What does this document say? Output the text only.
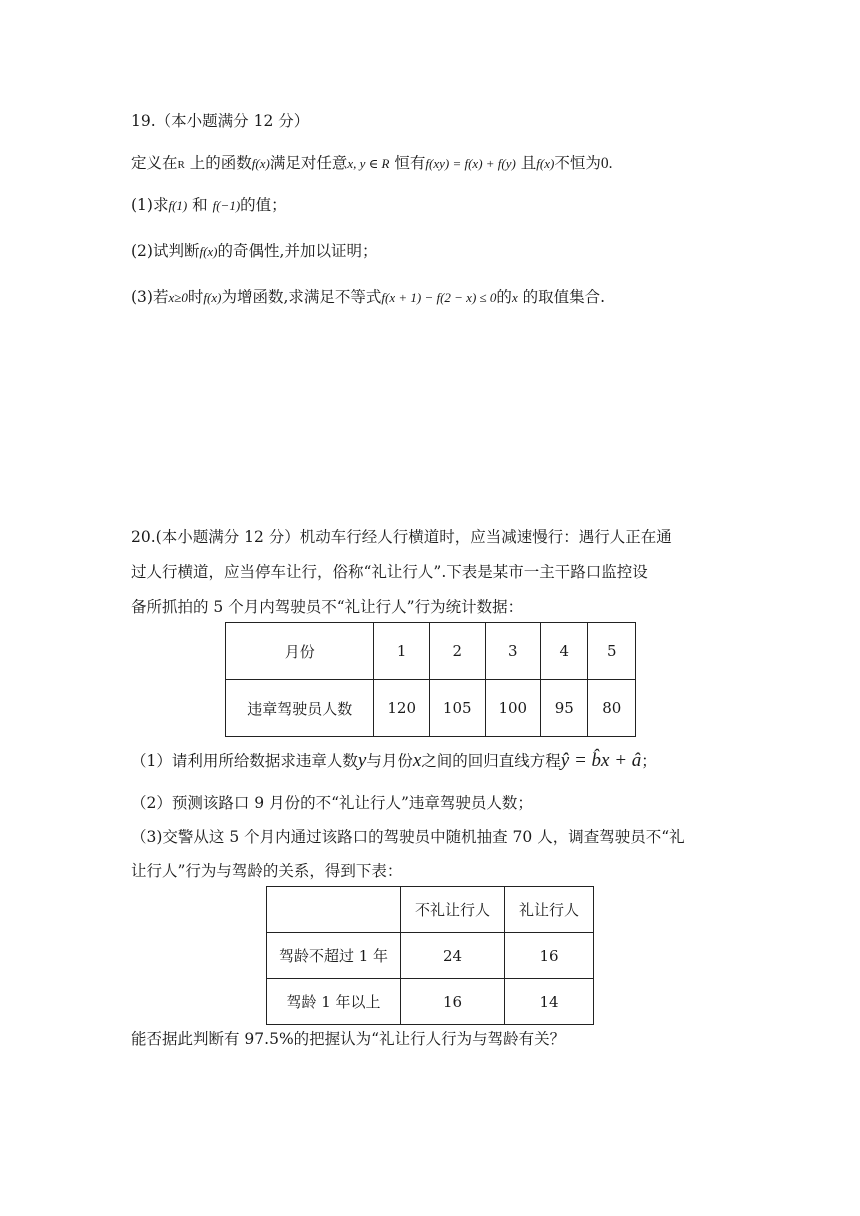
19.（本小题满分 12 分）
定义在R 上的函数f(x)满足对任意x, y ∈ R 恒有f(xy) = f(x) + f(y) 且f(x)不恒为0.
(1)求f(1) 和 f(−1)的值；
(2)试判断f(x)的奇偶性,并加以证明；
(3)若x≥0时f(x)为增函数,求满足不等式f(x + 1) − f(2 − x) ≤ 0的x 的取值集合.
20.(本小题满分 12 分）机动车行经人行横道时，应当减速慢行：遇行人正在通
过人行横道，应当停车让行，俗称“礼让行人”.下表是某市一主干路口监控设
备所抓拍的 5 个月内驾驶员不“礼让行人”行为统计数据：
月份	1	2	3	4	5
违章驾驶员人数	120	105	100	95	80
（1）请利用所给数据求违章人数y与月份x之间的回归直线方程ŷ = b̂x + â；
（2）预测该路口 9 月份的不“礼让行人”违章驾驶员人数；
（3)交警从这 5 个月内通过该路口的驾驶员中随机抽查 70 人，调查驾驶员不“礼
让行人”行为与驾龄的关系，得到下表：
	不礼让行人	礼让行人
驾龄不超过 1 年	24	16
驾龄 1 年以上	16	14
能否据此判断有 97.5%的把握认为“礼让行人行为与驾龄有关？
